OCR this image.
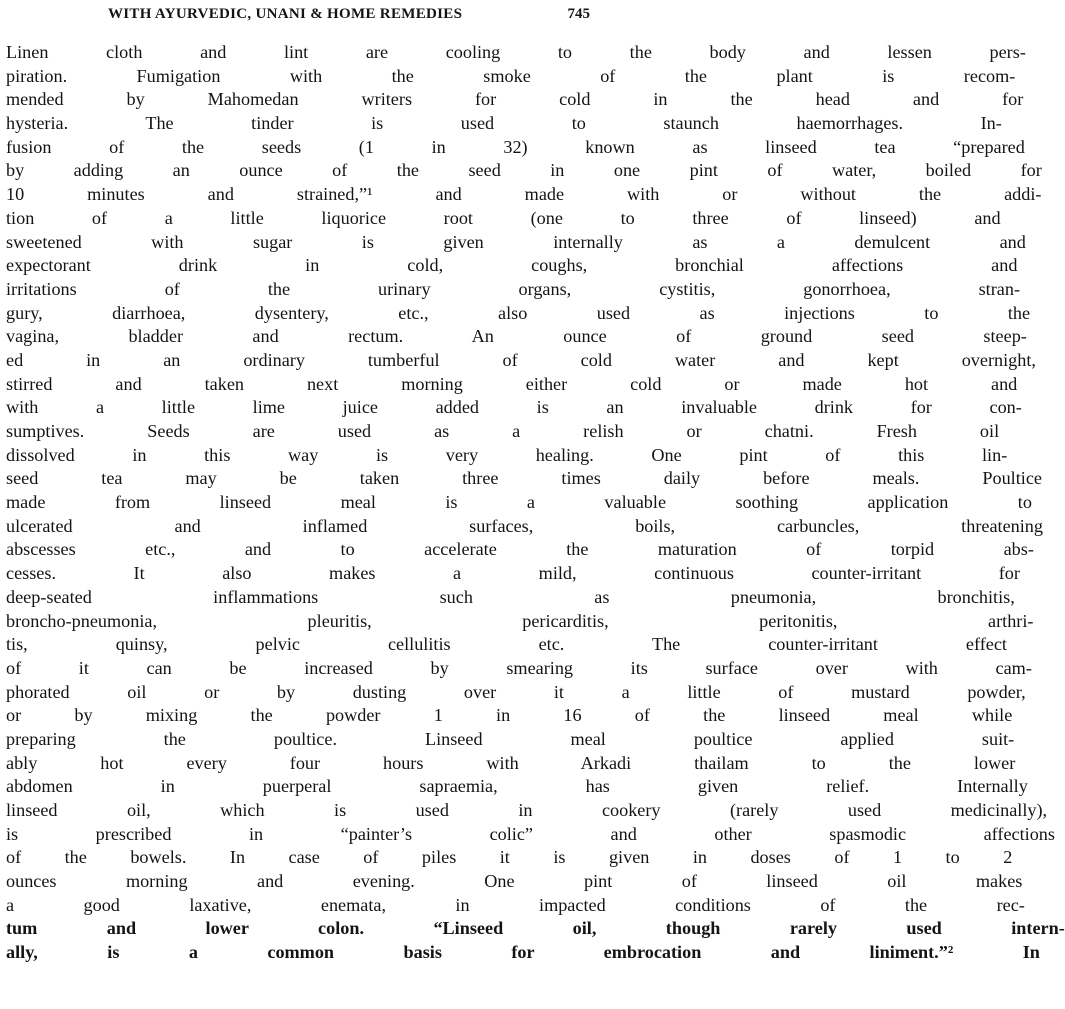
WITH AYURVEDIC, UNANI & HOME REMEDIES	745
Linen cloth and lint are cooling to the body and lessen pers-
piration. Fumigation with the smoke of the plant is recom-
mended by Mahomedan writers for cold in the head and for
hysteria. The tinder is used to staunch haemorrhages. In-
fusion of the seeds (1 in 32) known as linseed tea “prepared
by adding an ounce of the seed in one pint of water, boiled for
10 minutes and strained,”¹ and made with or without the addi-
tion of a little liquorice root (one to three of linseed) and
sweetened with sugar is given internally as a demulcent and
expectorant drink in cold, coughs, bronchial affections and
irritations of the urinary organs, cystitis, gonorrhoea, stran-
gury, diarrhoea, dysentery, etc., also used as injections to the
vagina, bladder and rectum. An ounce of ground seed steep-
ed in an ordinary tumberful of cold water and kept overnight,
stirred and taken next morning either cold or made hot and
with a little lime juice added is an invaluable drink for con-
sumptives. Seeds are used as a relish or chatni. Fresh oil
dissolved in this way is very healing. One pint of this lin-
seed tea may be taken three times daily before meals. Poultice
made from linseed meal is a valuable soothing application to
ulcerated and inflamed surfaces, boils, carbuncles, threatening
abscesses etc., and to accelerate the maturation of torpid abs-
cesses. It also makes a mild, continuous counter-irritant for
deep-seated inflammations such as pneumonia, bronchitis,
broncho-pneumonia, pleuritis, pericarditis, peritonitis, arthri-
tis, quinsy, pelvic cellulitis etc. The counter-irritant effect
of it can be increased by smearing its surface over with cam-
phorated oil or by dusting over it a little of mustard powder,
or by mixing the powder 1 in 16 of the linseed meal while
preparing the poultice. Linseed meal poultice applied suit-
ably hot every four hours with Arkadi thailam to the lower
abdomen in puerperal sapraemia, has given relief. Internally
linseed oil, which is used in cookery (rarely used medicinally),
is prescribed in “painter’s colic” and other spasmodic affections
of the bowels. In case of piles it is given in doses of 1 to 2
ounces morning and evening. One pint of linseed oil makes
a good laxative, enemata, in impacted conditions of the rec-
tum and lower colon. “Linseed oil, though rarely used intern-
ally, is a common basis for embrocation and liniment.”² In
